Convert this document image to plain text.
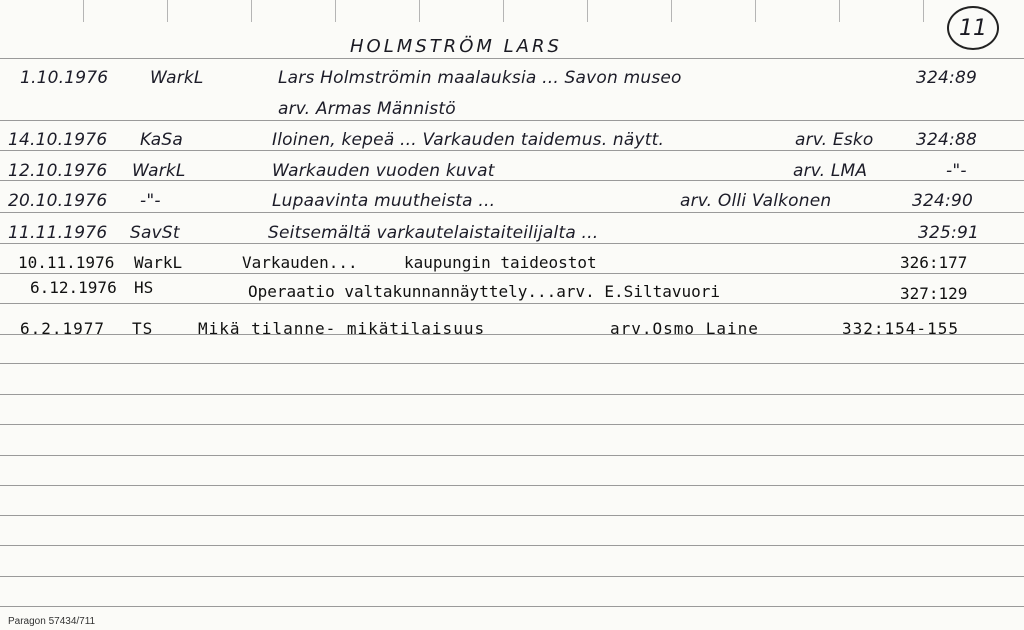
HOLMSTRÖM LARS
11
1.10.1976 WarkL	Lars Holmströmin maalauksia ... Savon museo	324:89
arv. Armas Männistö
14.10.1976 KaSa	Iloinen, kepeä ... Varkauden taidemus. näytt.	arv. Esko 324:88
12.10.1976 WarkL	Warkauden vuoden kuvat	arv. LMA	-"-
20.10.1976 -"-	Lupaavinta muutheista ...	arv. Olli Valkonen	324:90
11.11.1976 SavSt	Seitsemältä varkautelaistaiteilijalta ...	325:91
10.11.1976 WarkL	Varkauden...	kaupungin taideostot	326:177
6.12.1976 HS	Operaatio valtakunnannäyttely...arv. E.Siltavuori	327:129
6.2.1977 TS	Mikä tilanne- mikätilaisuus	arv.Osmo Laine	332:154-155
Paragon 57434/711
